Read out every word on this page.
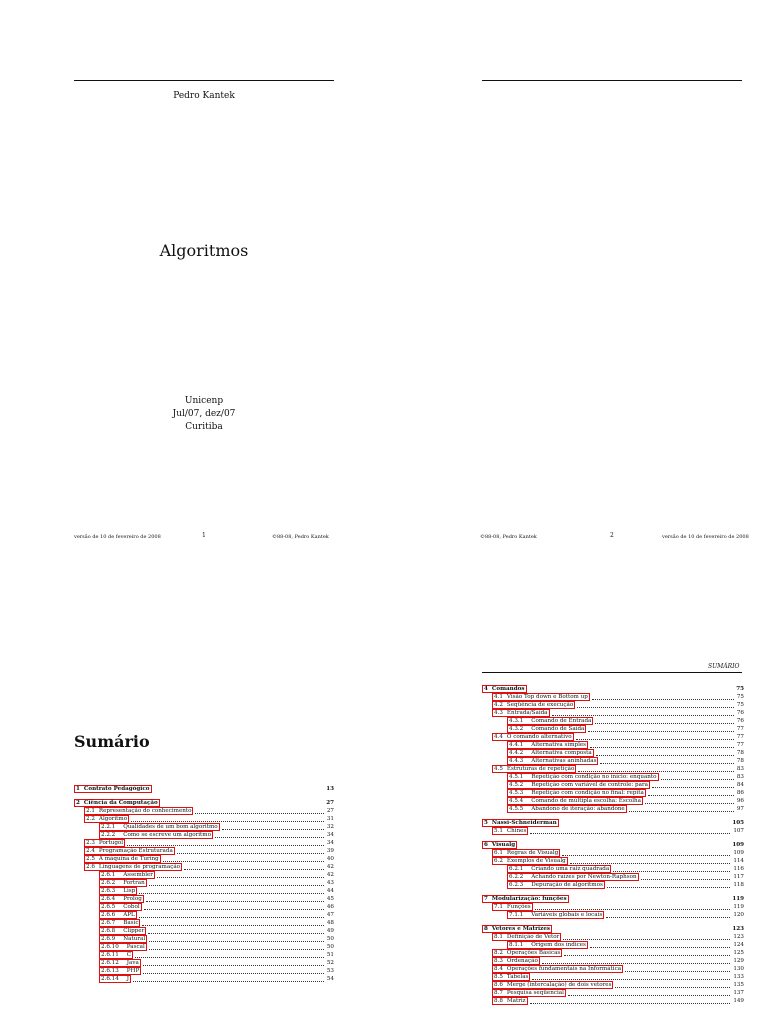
Pedro Kantek
Algoritmos
Unicenp
Jul/07, dez/07
Curitiba
versão de 10 de fevereiro de 2008	1	©88-08, Pedro Kantek	©88-08, Pedro Kantek	2	versão de 10 de fevereiro de 2008
Sumário
1 Contrato Pedagógico	13
2 Ciência da Computação	27
2.1 Representação do conhecimento	27
2.2 Algoritmo	31
2.2.1 Qualidades de um bom algoritmo	32
2.2.2 Como se escreve um algoritmo	34
2.3 Portugol	34
2.4 Programação Estruturada	39
2.5 A máquina de Turing	40
2.6 Linguagens de programação	42
2.6.1 Assembler	42
2.6.2 Fortran	43
2.6.3 Lisp	44
2.6.4 Prolog	45
2.6.5 Cobol	46
2.6.6 APL	47
2.6.7 Basic	48
2.6.8 Clipper	49
2.6.9 Natural	50
2.6.10 Pascal	50
2.6.11 C	51
2.6.12 Java	52
2.6.13 PHP	53
2.6.14 J	54
SUMÁRIO
4 Comandos	75
4.1 Visão Top down e Bottom up	75
4.2 Seqüência de execução	75
4.3 Entrada/Saída	76
4.3.1 Comando de Entrada	76
4.3.2 Comando de Saída	77
4.4 O comando alternativo	77
4.4.1 Alternativa simples	77
4.4.2 Alternativa composta	78
4.4.3 Alternativas aninhadas	78
4.5 Estruturas de repetição	83
4.5.1 Repetição com condição no início: enquanto	83
4.5.2 Repetição com variável de controle: para	84
4.5.3 Repetição com condição no final: repita	86
4.5.4 Comando de múltipla escolha: Escolha	96
4.5.5 Abandono de iteração: abandone	97
5 Nassi-Schneiderman	105
5.1 Chines	107
6 Visualg	109
6.1 Regras de Visualg	109
6.2 Exemplos de Visualg	114
6.2.1 Criando uma raiz quadrada	116
6.2.2 Achando raízes por Newton-Raphson	117
6.2.3 Depuração de algoritmos	118
7 Modularização: funções	119
7.1 Funções	119
7.1.1 Variáveis globais e locais	120
8 Vetores e Matrizes	123
8.1 Definição de Vetor	123
8.1.1 Origem dos índices	124
8.2 Operações Básicas	125
8.3 Ordenação	129
8.4 Operações fundamentais na Informática	130
8.5 Tabelas	133
8.6 Merge (intercalação) de dois vetores	135
8.7 Pesquisa seqüencial	137
8.8 Matriz	149
